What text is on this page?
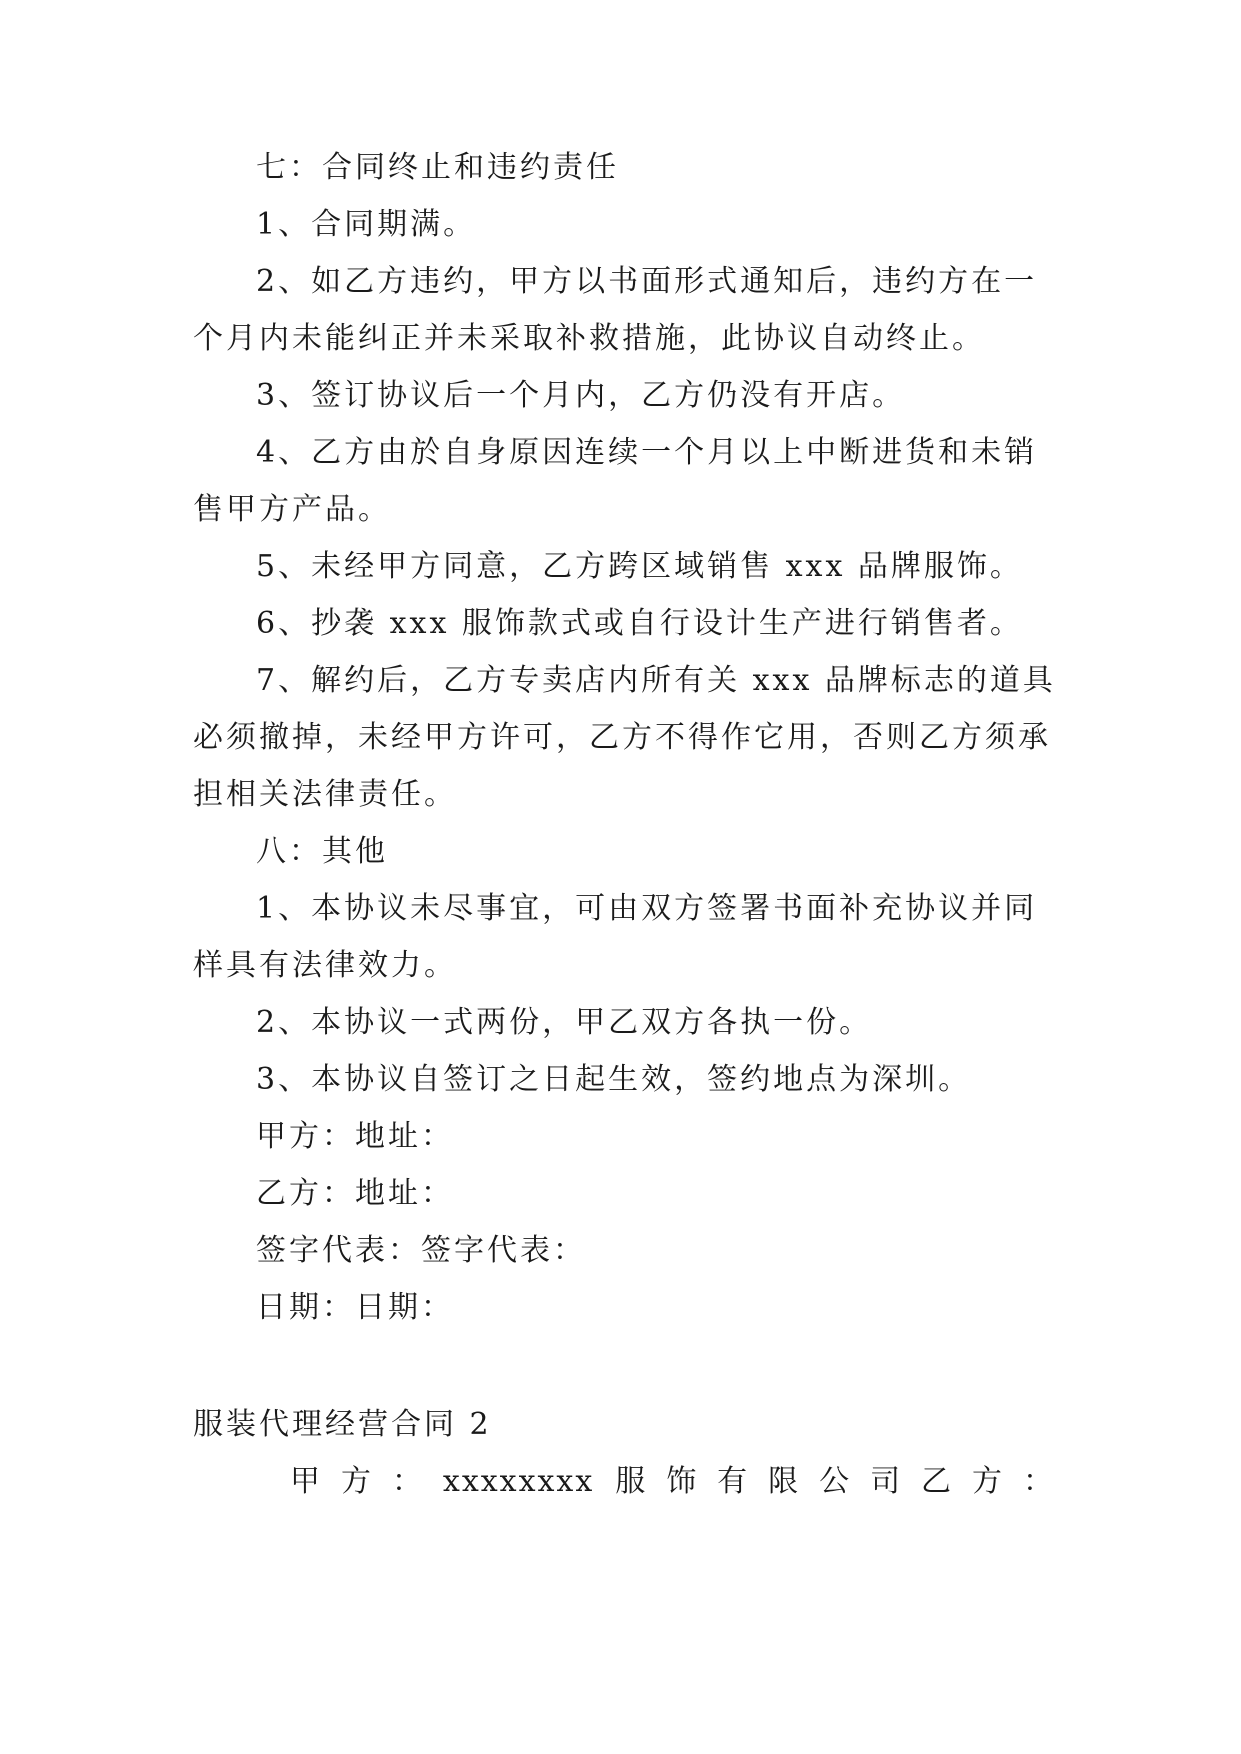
七：合同终止和违约责任
1、合同期满。
2、如乙方违约，甲方以书面形式通知后，违约方在一
个月内未能纠正并未采取补救措施，此协议自动终止。
3、签订协议后一个月内，乙方仍没有开店。
4、乙方由於自身原因连续一个月以上中断进货和未销
售甲方产品。
5、未经甲方同意，乙方跨区域销售 xxx 品牌服饰。
6、抄袭 xxx 服饰款式或自行设计生产进行销售者。
7、解约后，乙方专卖店内所有关 xxx 品牌标志的道具
必须撤掉，未经甲方许可，乙方不得作它用，否则乙方须承
担相关法律责任。
八：其他
1、本协议未尽事宜，可由双方签署书面补充协议并同
样具有法律效力。
2、本协议一式两份，甲乙双方各执一份。
3、本协议自签订之日起生效，签约地点为深圳。
甲方：地址：
乙方：地址：
签字代表：签字代表：
日期：日期：
服装代理经营合同 2
甲 方 ： xxxxxxxx 服 饰 有 限 公 司 乙 方 ：
